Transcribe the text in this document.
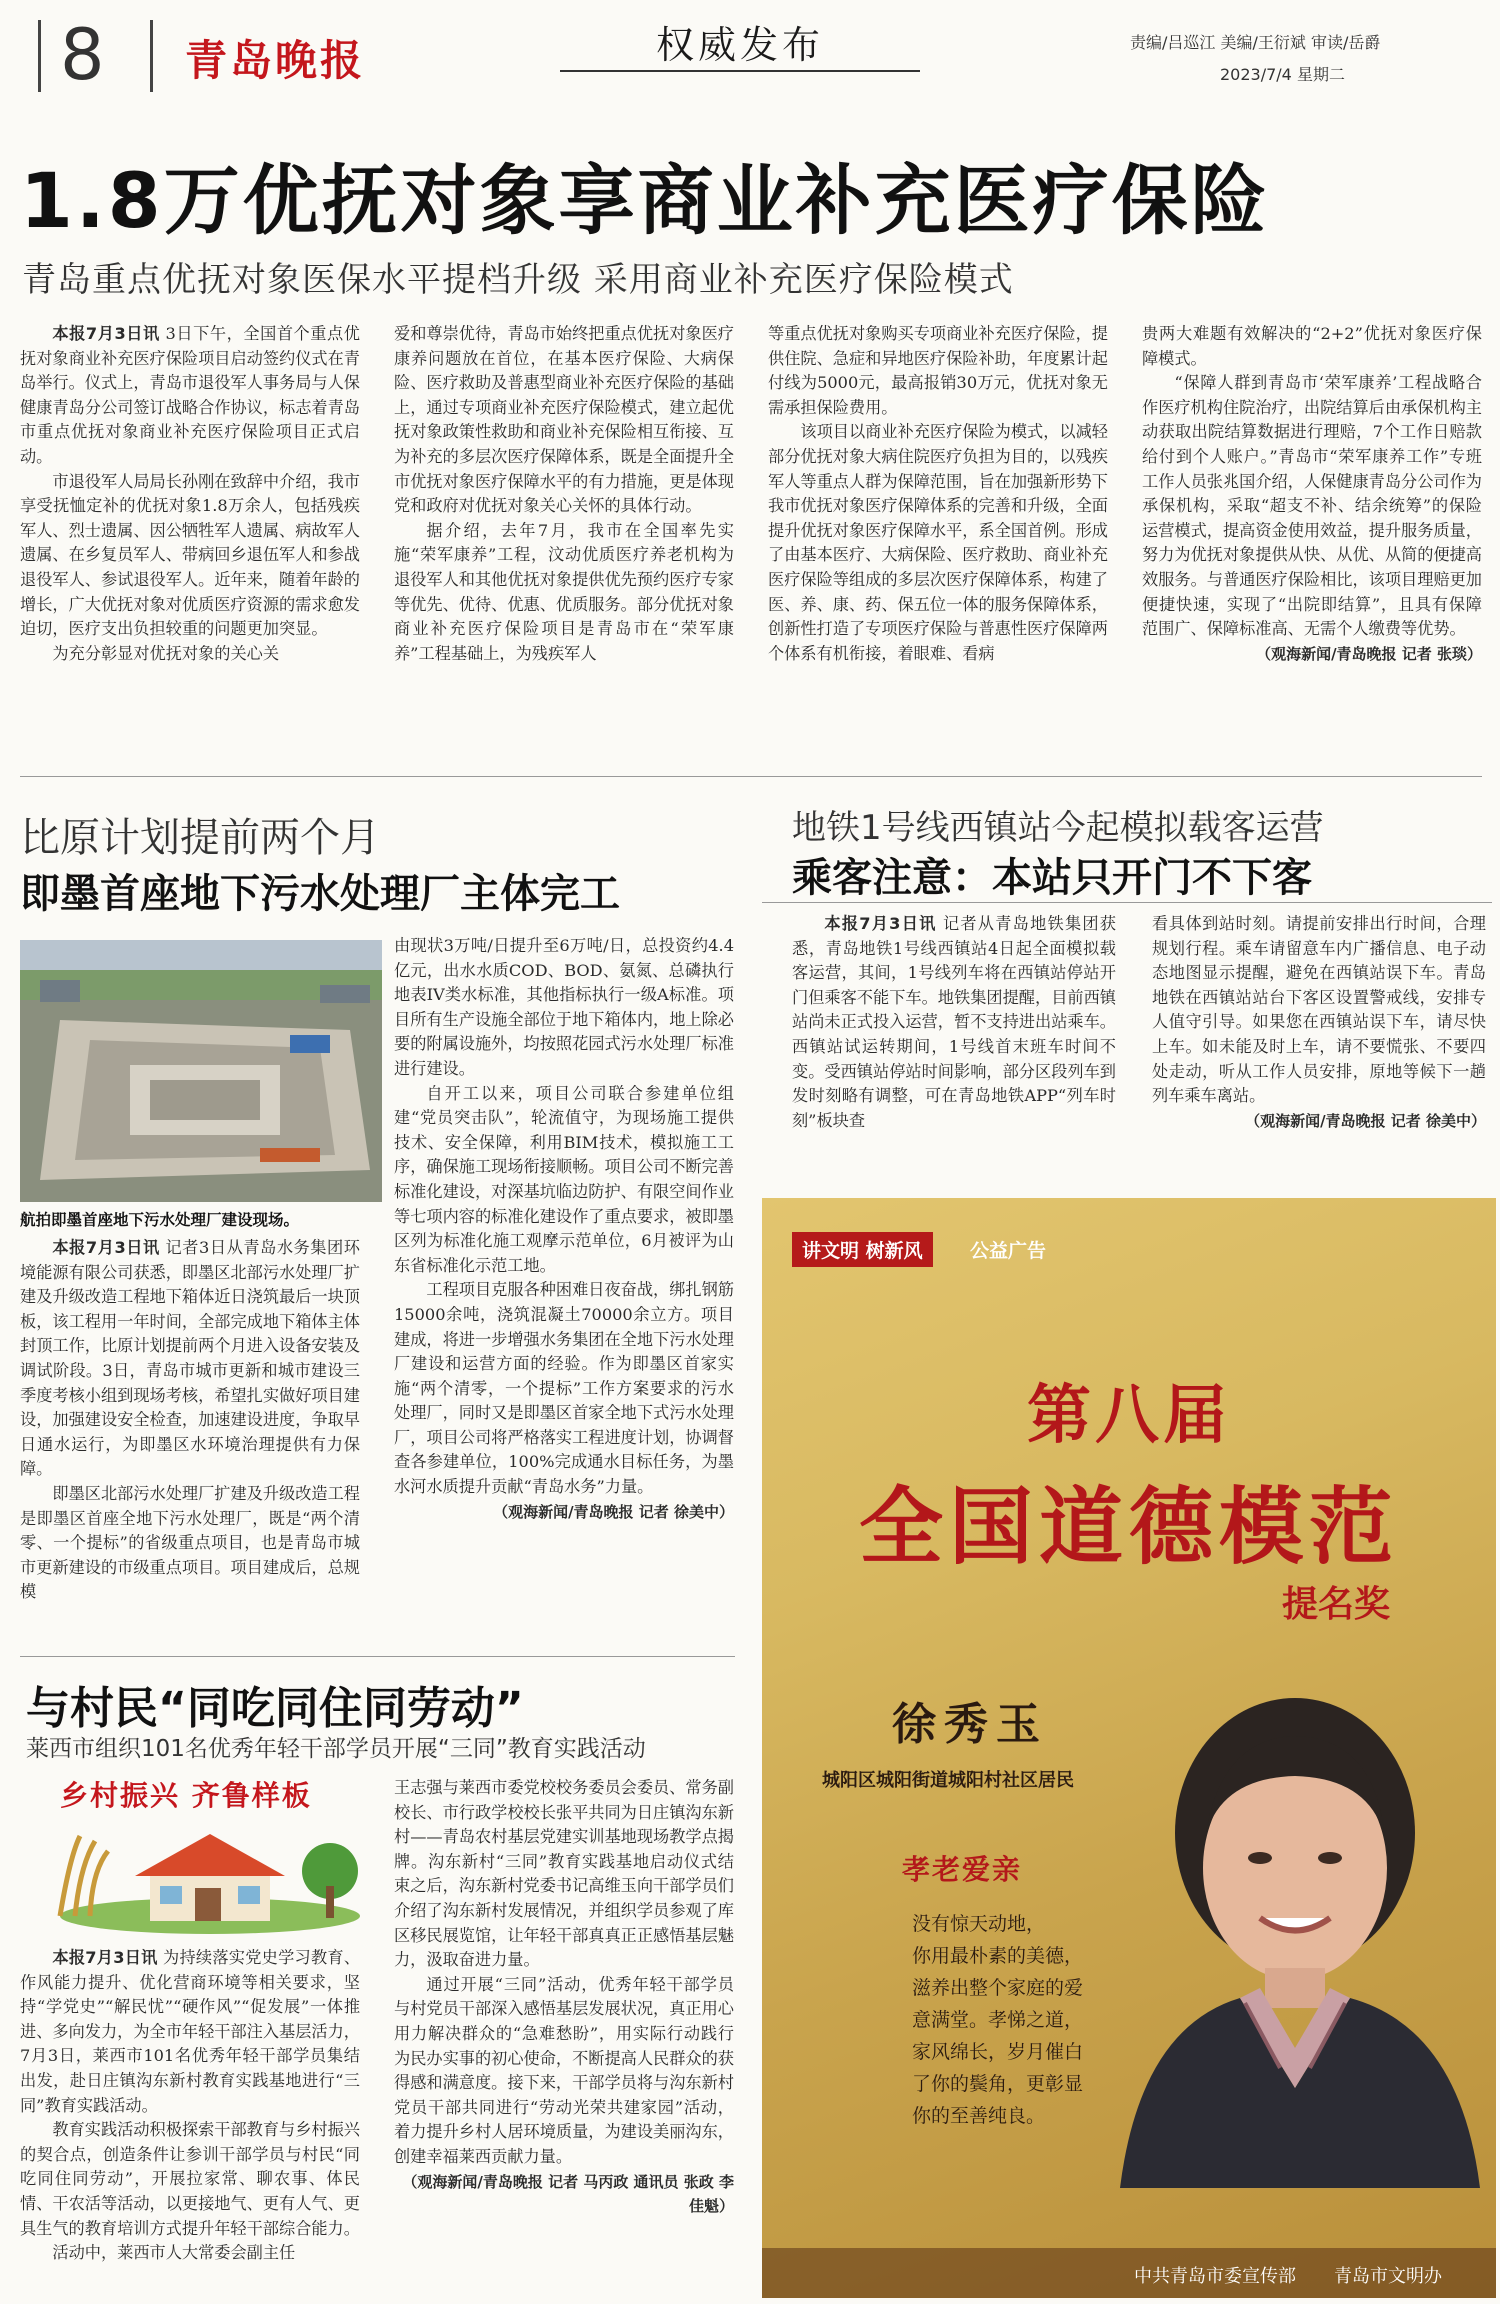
8 青岛晚报	权威发布	责编/吕巡江 美编/王衍斌 审读/岳爵
2023/7/4 星期二
1.8万优抚对象享商业补充医疗保险
青岛重点优抚对象医保水平提档升级 采用商业补充医疗保险模式

本报7月3日讯 3日下午，全国首个重点优抚对象商业补充医疗保险项目启动签约仪式在青岛举行。仪式上，青岛市退役军人事务局与人保健康青岛分公司签订战略合作协议，标志着青岛市重点优抚对象商业补充医疗保险项目正式启动。

市退役军人局局长孙刚在致辞中介绍，我市享受抚恤定补的优抚对象1.8万余人，包括残疾军人、烈士遗属、因公牺牲军人遗属、病故军人遗属、在乡复员军人、带病回乡退伍军人和参战退役军人、参试退役军人。近年来，随着年龄的增长，广大优抚对象对优质医疗资源的需求愈发迫切，医疗支出负担较重的问题更加突显。

为充分彰显对优抚对象的关心关

爱和尊崇优待，青岛市始终把重点优抚对象医疗康养问题放在首位，在基本医疗保险、大病保险、医疗救助及普惠型商业补充医疗保险的基础上，通过专项商业补充医疗保险模式，建立起优抚对象政策性救助和商业补充保险相互衔接、互为补充的多层次医疗保障体系，既是全面提升全市优抚对象医疗保障水平的有力措施，更是体现党和政府对优抚对象关心关怀的具体行动。

据介绍，去年7月，我市在全国率先实施“荣军康养”工程，汶动优质医疗养老机构为退役军人和其他优抚对象提供优先预约医疗专家等优先、优待、优惠、优质服务。部分优抚对象商业补充医疗保险项目是青岛市在“荣军康养”工程基础上，为残疾军人

等重点优抚对象购买专项商业补充医疗保险，提供住院、急症和异地医疗保险补助，年度累计起付线为5000元，最高报销30万元，优抚对象无需承担保险费用。

该项目以商业补充医疗保险为模式，以减轻部分优抚对象大病住院医疗负担为目的，以残疾军人等重点人群为保障范围，旨在加强新形势下我市优抚对象医疗保障体系的完善和升级，全面提升优抚对象医疗保障水平，系全国首例。形成了由基本医疗、大病保险、医疗救助、商业补充医疗保险等组成的多层次医疗保障体系，构建了医、养、康、药、保五位一体的服务保障体系，创新性打造了专项医疗保险与普惠性医疗保障两个体系有机衔接，着眼难、看病

贵两大难题有效解决的“2+2”优抚对象医疗保障模式。

“保障人群到青岛市‘荣军康养’工程战略合作医疗机构住院治疗，出院结算后由承保机构主动获取出院结算数据进行理赔，7个工作日赔款给付到个人账户。”青岛市“荣军康养工作”专班工作人员张兆国介绍，人保健康青岛分公司作为承保机构，采取“超支不补、结余统筹”的保险运营模式，提高资金使用效益，提升服务质量，努力为优抚对象提供从快、从优、从简的便捷高效服务。与普通医疗保险相比，该项目理赔更加便捷快速，实现了“出院即结算”，且具有保障范围广、保障标准高、无需个人缴费等优势。

（观海新闻/青岛晚报 记者 张琰）

比原计划提前两个月
即墨首座地下污水处理厂主体完工
航拍即墨首座地下污水处理厂建设现场。

本报7月3日讯 记者3日从青岛水务集团环境能源有限公司获悉，即墨区北部污水处理厂扩建及升级改造工程地下箱体近日浇筑最后一块顶板，该工程用一年时间，全部完成地下箱体主体封顶工作，比原计划提前两个月进入设备安装及调试阶段。3日，青岛市城市更新和城市建设三季度考核小组到现场考核，希望扎实做好项目建设，加强建设安全检查，加速建设进度，争取早日通水运行，为即墨区水环境治理提供有力保障。

即墨区北部污水处理厂扩建及升级改造工程是即墨区首座全地下污水处理厂，既是“两个清零、一个提标”的省级重点项目，也是青岛市城市更新建设的市级重点项目。项目建成后，总规模

由现状3万吨/日提升至6万吨/日，总投资约4.4亿元，出水水质COD、BOD、氨氮、总磷执行地表IV类水标准，其他指标执行一级A标准。项目所有生产设施全部位于地下箱体内，地上除必要的附属设施外，均按照花园式污水处理厂标准进行建设。

自开工以来，项目公司联合参建单位组建“党员突击队”，轮流值守，为现场施工提供技术、安全保障，利用BIM技术，模拟施工工序，确保施工现场衔接顺畅。项目公司不断完善标准化建设，对深基坑临边防护、有限空间作业等七项内容的标准化建设作了重点要求，被即墨区列为标准化施工观摩示范单位，6月被评为山东省标准化示范工地。

工程项目克服各种困难日夜奋战，绑扎钢筋15000余吨，浇筑混凝土70000余立方。项目建成，将进一步增强水务集团在全地下污水处理厂建设和运营方面的经验。作为即墨区首家实施“两个清零，一个提标”工作方案要求的污水处理厂，同时又是即墨区首家全地下式污水处理厂，项目公司将严格落实工程进度计划，协调督查各参建单位，100%完成通水目标任务，为墨水河水质提升贡献“青岛水务”力量。

（观海新闻/青岛晚报 记者 徐美中）

地铁1号线西镇站今起模拟载客运营
乘客注意：本站只开门不下客

本报7月3日讯 记者从青岛地铁集团获悉，青岛地铁1号线西镇站4日起全面模拟载客运营，其间，1号线列车将在西镇站停站开门但乘客不能下车。地铁集团提醒，目前西镇站尚未正式投入运营，暂不支持进出站乘车。西镇站试运转期间，1号线首末班车时间不变。受西镇站停站时间影响，部分区段列车到发时刻略有调整，可在青岛地铁APP“列车时刻”板块查

看具体到站时刻。请提前安排出行时间，合理规划行程。乘车请留意车内广播信息、电子动态地图显示提醒，避免在西镇站误下车。青岛地铁在西镇站站台下客区设置警戒线，安排专人值守引导。如果您在西镇站误下车，请尽快上车。如未能及时上车，请不要慌张、不要四处走动，听从工作人员安排，原地等候下一趟列车乘车离站。

（观海新闻/青岛晚报 记者 徐美中）

讲文明 树新风	公益广告
第八届
全国道德模范
提名奖
徐秀玉
城阳区城阳街道城阳村社区居民
孝老爱亲
没有惊天动地，
你用最朴素的美德，
滋养出整个家庭的爱
意满堂。孝悌之道，
家风绵长，岁月催白
了你的鬓角，更彰显
你的至善纯良。
中共青岛市委宣传部 青岛市文明办
与村民“同吃同住同劳动”
莱西市组织101名优秀年轻干部学员开展“三同”教育实践活动
乡村振兴 齐鲁样板

本报7月3日讯 为持续落实党史学习教育、作风能力提升、优化营商环境等相关要求，坚持“学党史”“解民忧”“硬作风”“促发展”一体推进、多向发力，为全市年轻干部注入基层活力，7月3日，莱西市101名优秀年轻干部学员集结出发，赴日庄镇沟东新村教育实践基地进行“三同”教育实践活动。

教育实践活动积极探索干部教育与乡村振兴的契合点，创造条件让参训干部学员与村民“同吃同住同劳动”，开展拉家常、聊农事、体民情、干农活等活动，以更接地气、更有人气、更具生气的教育培训方式提升年轻干部综合能力。

活动中，莱西市人大常委会副主任

王志强与莱西市委党校校务委员会委员、常务副校长、市行政学校校长张平共同为日庄镇沟东新村——青岛农村基层党建实训基地现场教学点揭牌。沟东新村“三同”教育实践基地启动仪式结束之后，沟东新村党委书记高维玉向干部学员们介绍了沟东新村发展情况，并组织学员参观了库区移民展览馆，让年轻干部真真正正感悟基层魅力，汲取奋进力量。

通过开展“三同”活动，优秀年轻干部学员与村党员干部深入感悟基层发展状况，真正用心用力解决群众的“急难愁盼”，用实际行动践行为民办实事的初心使命，不断提高人民群众的获得感和满意度。接下来，干部学员将与沟东新村党员干部共同进行“劳动光荣共建家园”活动，着力提升乡村人居环境质量，为建设美丽沟东，创建幸福莱西贡献力量。

（观海新闻/青岛晚报 记者 马丙政 通讯员 张政 李佳魁）
